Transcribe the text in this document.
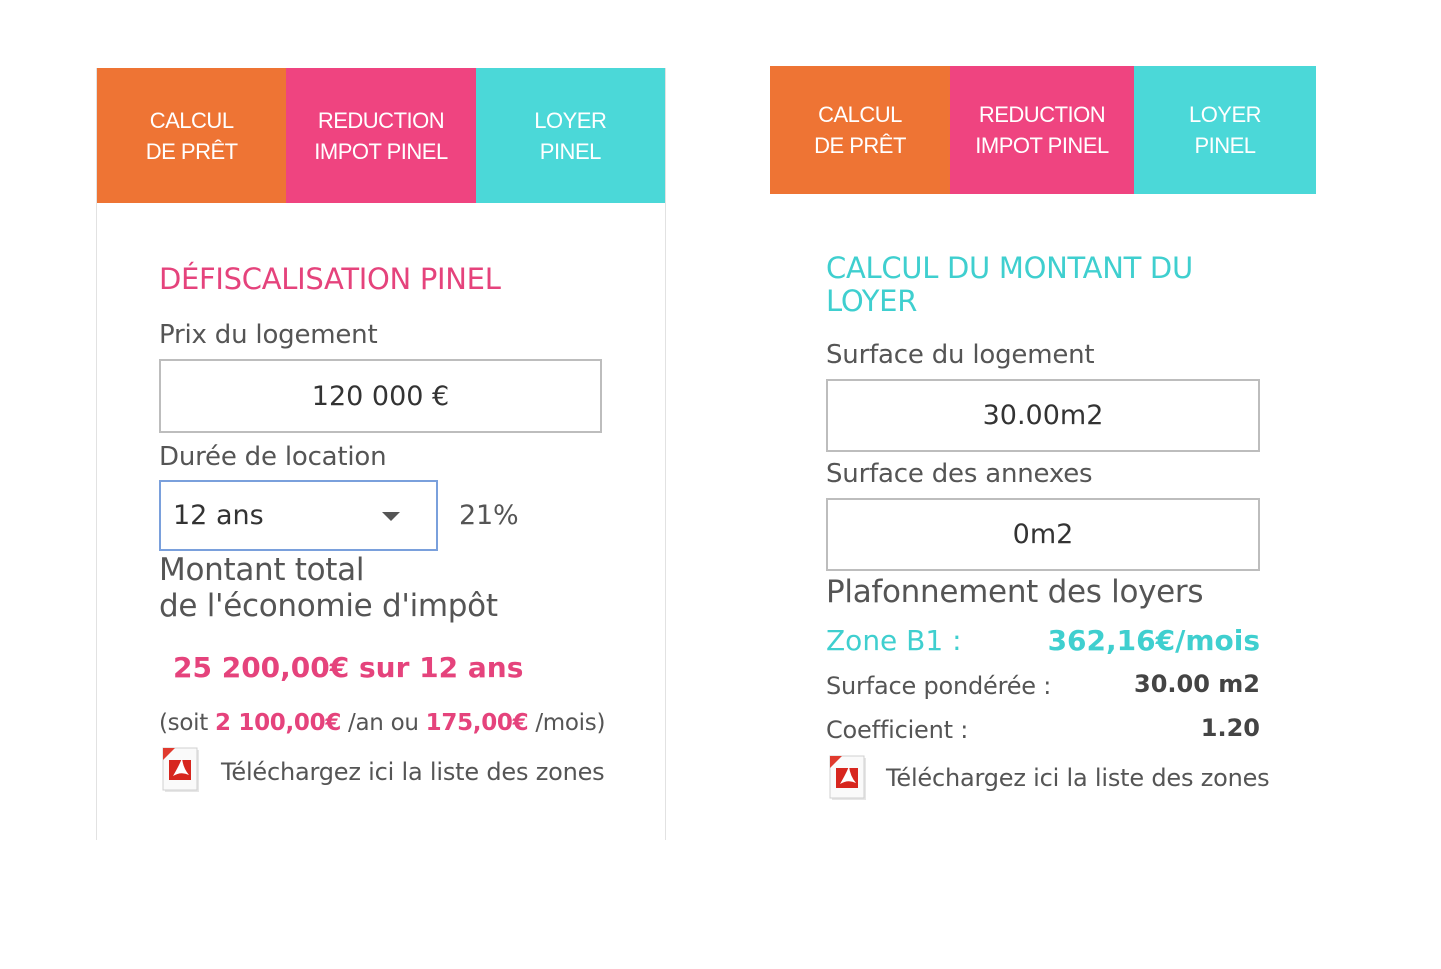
CALCUL
DE PRÊT
REDUCTION
IMPOT PINEL
LOYER
PINEL
DÉFISCALISATION PINEL
Prix du logement
120 000 €
Durée de location
12 ans	21%
Montant total
de l'économie d'impôt
25 200,00€ sur 12 ans
(soit 2 100,00€ /an ou 175,00€ /mois)
Téléchargez ici la liste des zones
CALCUL
DE PRÊT
REDUCTION
IMPOT PINEL
LOYER
PINEL
CALCUL DU MONTANT DU
LOYER
Surface du logement
30.00m2
Surface des annexes
0m2
Plafonnement des loyers
Zone B1 :	362,16€/mois
Surface pondérée :	30.00 m2
Coefficient :	1.20
Téléchargez ici la liste des zones
